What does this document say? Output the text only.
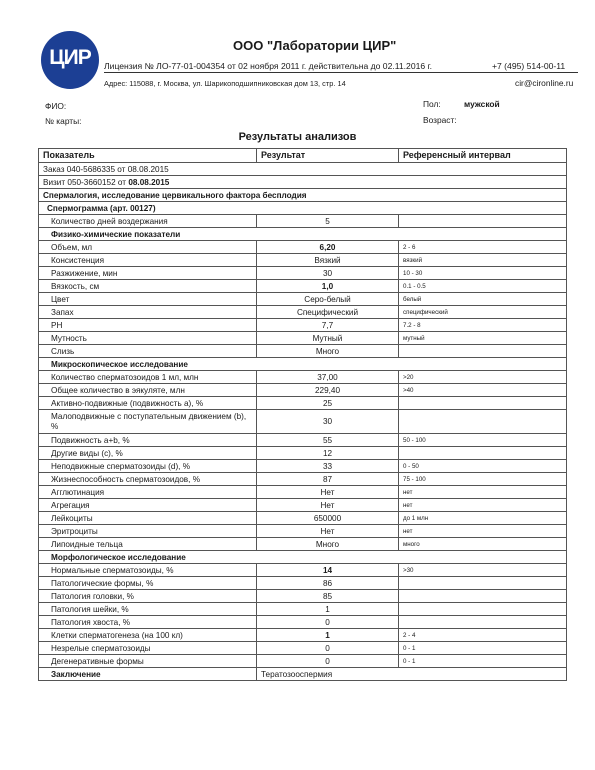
ЦИР
ООО "Лаборатории ЦИР"
Лицензия № ЛО-77-01-004354 от 02 ноября 2011 г. действительна до 02.11.2016 г.	+7 (495) 514-00-11
Адрес: 115088, г. Москва, ул. Шарикоподшипниковская дом 13, стр. 14	cir@cironline.ru
ФИО:
№ карты:
Пол:	мужской
Возраст:
Результаты анализов
Показатель	Результат	Референсный интервал
Заказ 040-5686335 от 08.08.2015		
Визит 050-3660152 от 08.08.2015		
Спермалогия, исследование цервикального фактора бесплодия		
Спермограмма (арт. 00127)		
Количество дней воздержания	5	
Физико-химические показатели		
Объем, мл	6,20	2 - 6
Консистенция	Вязкий	вязкий
Разжижение, мин	30	10 - 30
Вязкость, см	1,0	0.1 - 0.5
Цвет	Серо-белый	белый
Запах	Специфический	специфический
PH	7,7	7.2 - 8
Мутность	Мутный	мутный
Слизь	Много	
Микроскопическое исследование		
Количество сперматозоидов 1 мл, млн	37,00	>20
Общее количество в эякуляте, млн	229,40	>40
Активно-подвижные (подвижность a), %	25	
Малоподвижные с поступательным движением (b), %	30	
Подвижность a+b, %	55	50 - 100
Другие виды (c), %	12	
Неподвижные сперматозоиды (d), %	33	0 - 50
Жизнеспособность сперматозоидов, %	87	75 - 100
Агглютинация	Нет	нет
Агрегация	Нет	нет
Лейкоциты	650000	до 1 млн
Эритроциты	Нет	нет
Липоидные тельца	Много	много
Морфологическое исследование		
Нормальные сперматозоиды, %	14	>30
Патологические формы, %	86	
Патология головки, %	85	
Патология шейки, %	1	
Патология хвоста, %	0	
Клетки сперматогенеза (на 100 кл)	1	2 - 4
Незрелые сперматозоиды	0	0 - 1
Дегенеративные формы	0	0 - 1
Заключение	Тератозооспермия	
